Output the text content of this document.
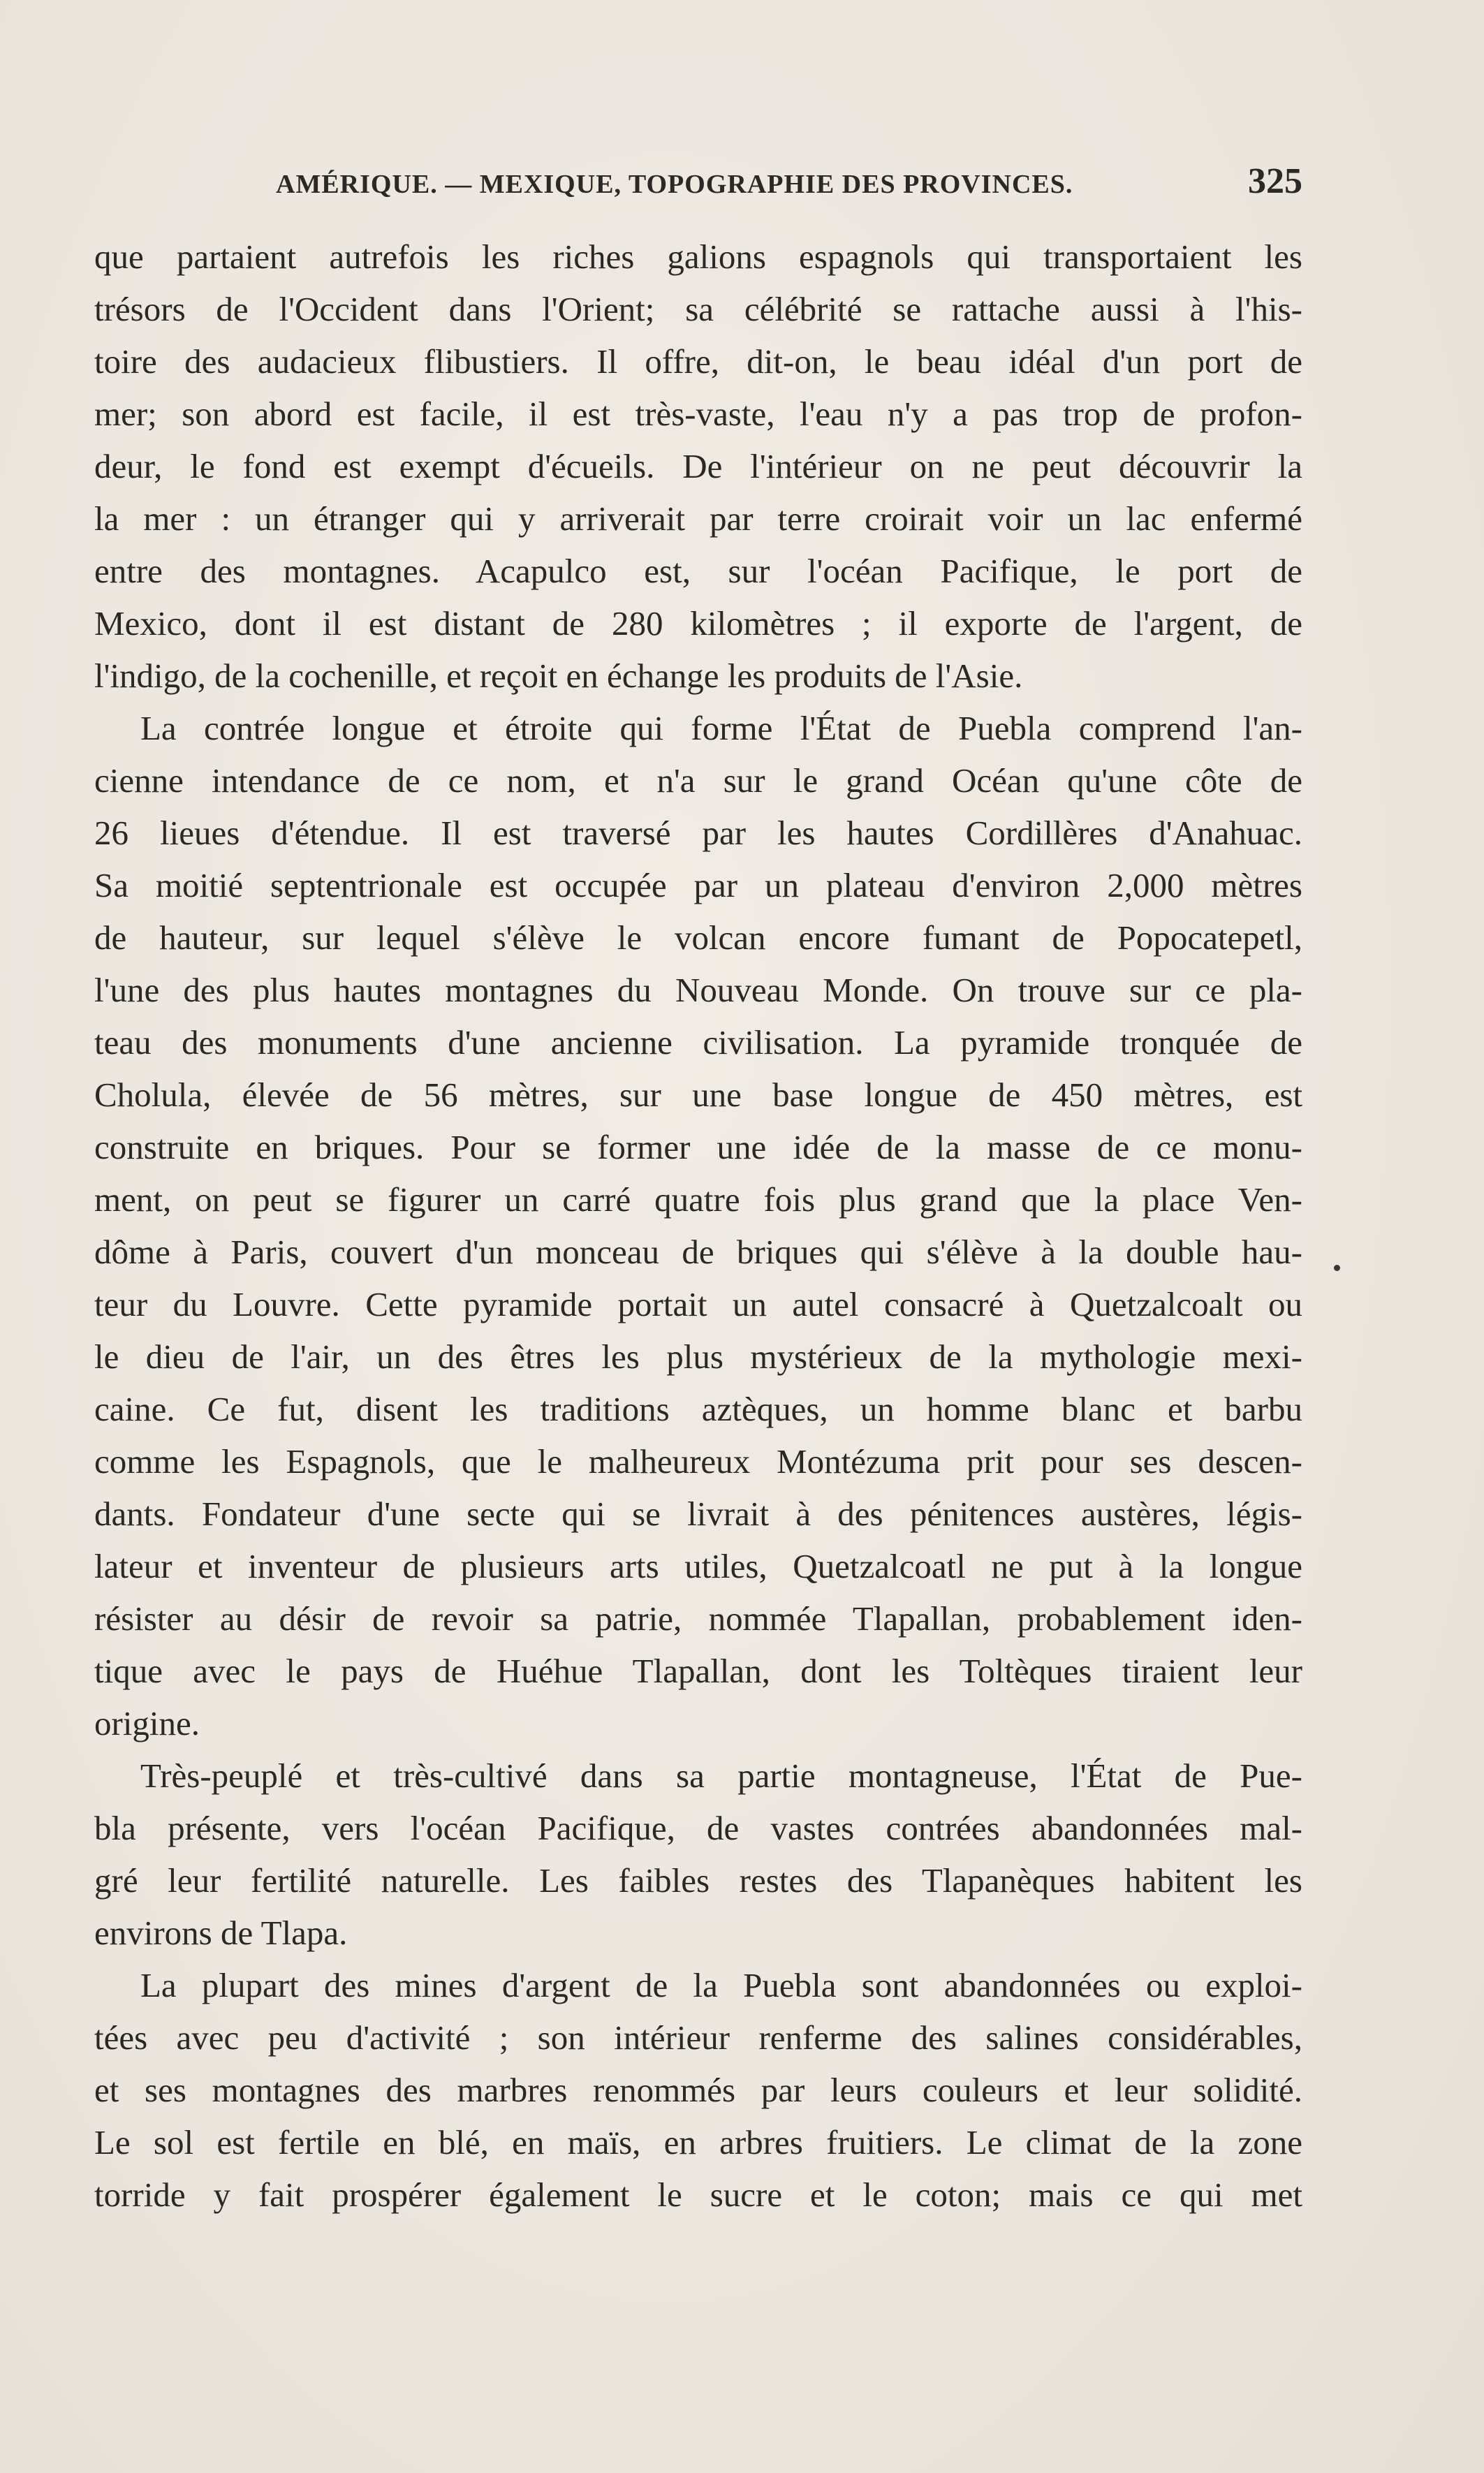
AMÉRIQUE. — MEXIQUE, TOPOGRAPHIE DES PROVINCES.	325
que partaient autrefois les riches galions espagnols qui transportaient les
trésors de l'Occident dans l'Orient; sa célébrité se rattache aussi à l'his-
toire des audacieux flibustiers. Il offre, dit-on, le beau idéal d'un port de
mer; son abord est facile, il est très-vaste, l'eau n'y a pas trop de profon-
deur, le fond est exempt d'écueils. De l'intérieur on ne peut découvrir la
la mer : un étranger qui y arriverait par terre croirait voir un lac enfermé
entre des montagnes. Acapulco est, sur l'océan Pacifique, le port de
Mexico, dont il est distant de 280 kilomètres ; il exporte de l'argent, de
l'indigo, de la cochenille, et reçoit en échange les produits de l'Asie.
La contrée longue et étroite qui forme l'État de Puebla comprend l'an-
cienne intendance de ce nom, et n'a sur le grand Océan qu'une côte de
26 lieues d'étendue. Il est traversé par les hautes Cordillères d'Anahuac.
Sa moitié septentrionale est occupée par un plateau d'environ 2,000 mètres
de hauteur, sur lequel s'élève le volcan encore fumant de Popocatepetl,
l'une des plus hautes montagnes du Nouveau Monde. On trouve sur ce pla-
teau des monuments d'une ancienne civilisation. La pyramide tronquée de
Cholula, élevée de 56 mètres, sur une base longue de 450 mètres, est
construite en briques. Pour se former une idée de la masse de ce monu-
ment, on peut se figurer un carré quatre fois plus grand que la place Ven-
dôme à Paris, couvert d'un monceau de briques qui s'élève à la double hau-
teur du Louvre. Cette pyramide portait un autel consacré à Quetzalcoalt ou
le dieu de l'air, un des êtres les plus mystérieux de la mythologie mexi-
caine. Ce fut, disent les traditions aztèques, un homme blanc et barbu
comme les Espagnols, que le malheureux Montézuma prit pour ses descen-
dants. Fondateur d'une secte qui se livrait à des pénitences austères, légis-
lateur et inventeur de plusieurs arts utiles, Quetzalcoatl ne put à la longue
résister au désir de revoir sa patrie, nommée Tlapallan, probablement iden-
tique avec le pays de Huéhue Tlapallan, dont les Toltèques tiraient leur
origine.
Très-peuplé et très-cultivé dans sa partie montagneuse, l'État de Pue-
bla présente, vers l'océan Pacifique, de vastes contrées abandonnées mal-
gré leur fertilité naturelle. Les faibles restes des Tlapanèques habitent les
environs de Tlapa.
La plupart des mines d'argent de la Puebla sont abandonnées ou exploi-
tées avec peu d'activité ; son intérieur renferme des salines considérables,
et ses montagnes des marbres renommés par leurs couleurs et leur solidité.
Le sol est fertile en blé, en maïs, en arbres fruitiers. Le climat de la zone
torride y fait prospérer également le sucre et le coton; mais ce qui met
